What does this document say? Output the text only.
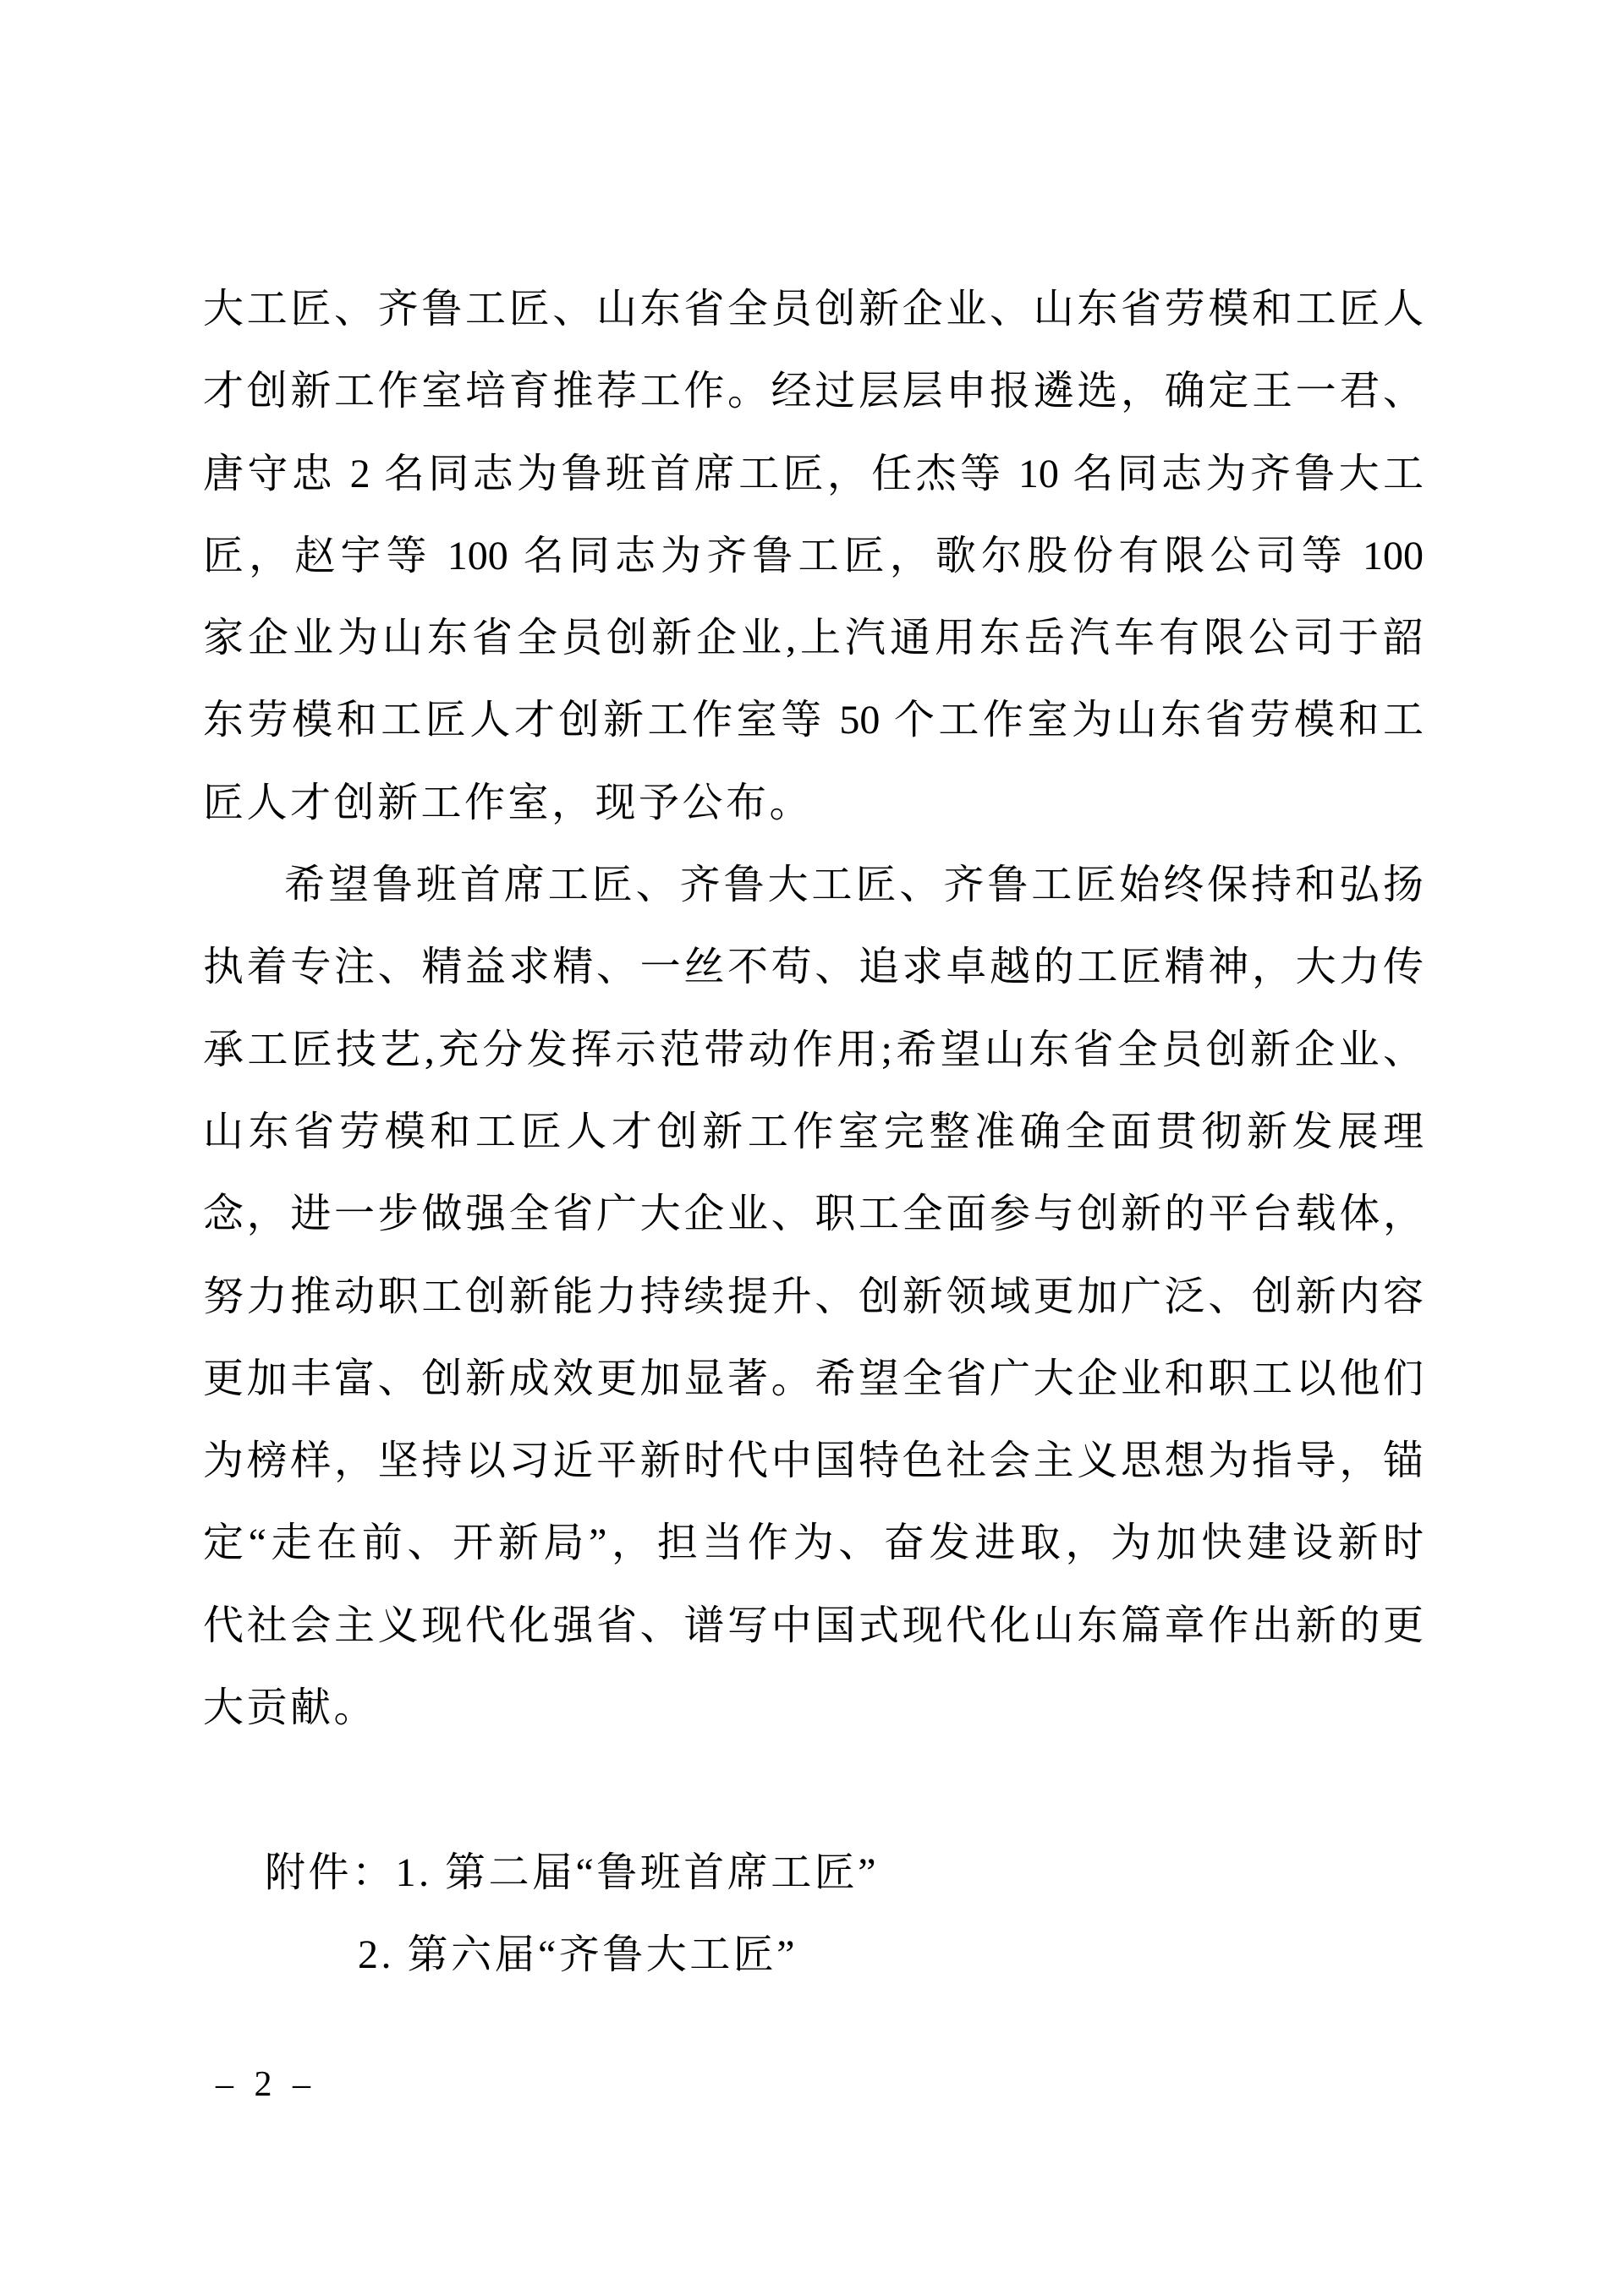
大工匠、齐鲁工匠、山东省全员创新企业、山东省劳模和工匠人
才创新工作室培育推荐工作。经过层层申报遴选，确定王一君、
唐守忠 2 名同志为鲁班首席工匠，任杰等 10 名同志为齐鲁大工
匠，赵宇等 100 名同志为齐鲁工匠，歌尔股份有限公司等 100
家企业为山东省全员创新企业,上汽通用东岳汽车有限公司于韶
东劳模和工匠人才创新工作室等 50 个工作室为山东省劳模和工
匠人才创新工作室，现予公布。
希望鲁班首席工匠、齐鲁大工匠、齐鲁工匠始终保持和弘扬
执着专注、精益求精、一丝不苟、追求卓越的工匠精神，大力传
承工匠技艺,充分发挥示范带动作用;希望山东省全员创新企业、
山东省劳模和工匠人才创新工作室完整准确全面贯彻新发展理
念，进一步做强全省广大企业、职工全面参与创新的平台载体，
努力推动职工创新能力持续提升、创新领域更加广泛、创新内容
更加丰富、创新成效更加显著。希望全省广大企业和职工以他们
为榜样，坚持以习近平新时代中国特色社会主义思想为指导，锚
定“走在前、开新局”，担当作为、奋发进取，为加快建设新时
代社会主义现代化强省、谱写中国式现代化山东篇章作出新的更
大贡献。
附件：1. 第二届“鲁班首席工匠”
2. 第六届“齐鲁大工匠”
– 2 –
